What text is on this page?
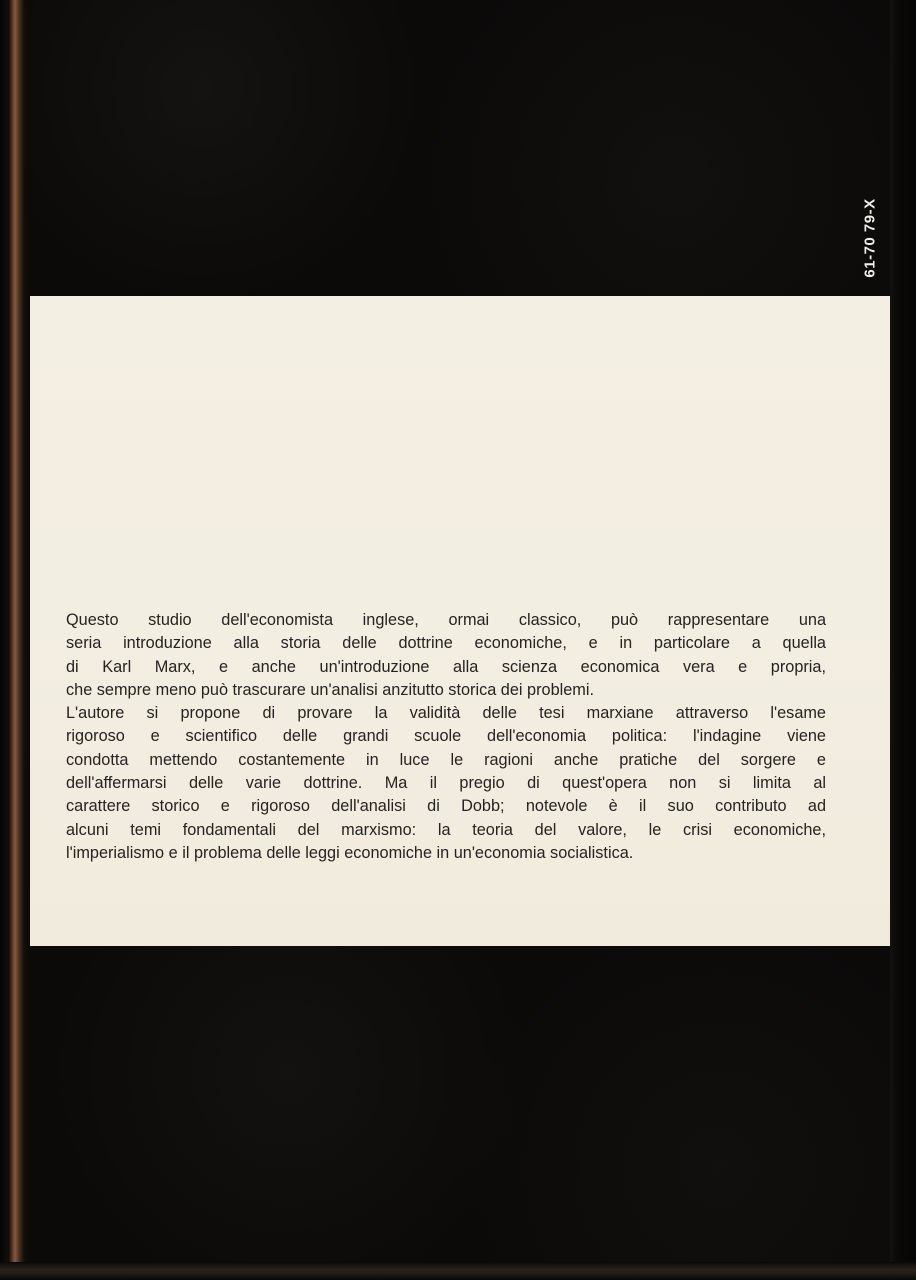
61-70 79-X

Questo studio dell'economista inglese, ormai classico, può rappresentare una
seria introduzione alla storia delle dottrine economiche, e in particolare a quella
di Karl Marx, e anche un'introduzione alla scienza economica vera e propria,
che sempre meno può trascurare un'analisi anzitutto storica dei problemi.
L'autore si propone di provare la validità delle tesi marxiane attraverso l'esame
rigoroso e scientifico delle grandi scuole dell'economia politica: l'indagine viene
condotta mettendo costantemente in luce le ragioni anche pratiche del sorgere e
dell'affermarsi delle varie dottrine. Ma il pregio di quest'opera non si limita al
carattere storico e rigoroso dell'analisi di Dobb; notevole è il suo contributo ad
alcuni temi fondamentali del marxismo: la teoria del valore, le crisi economiche,
l'imperialismo e il problema delle leggi economiche in un'economia socialistica.
